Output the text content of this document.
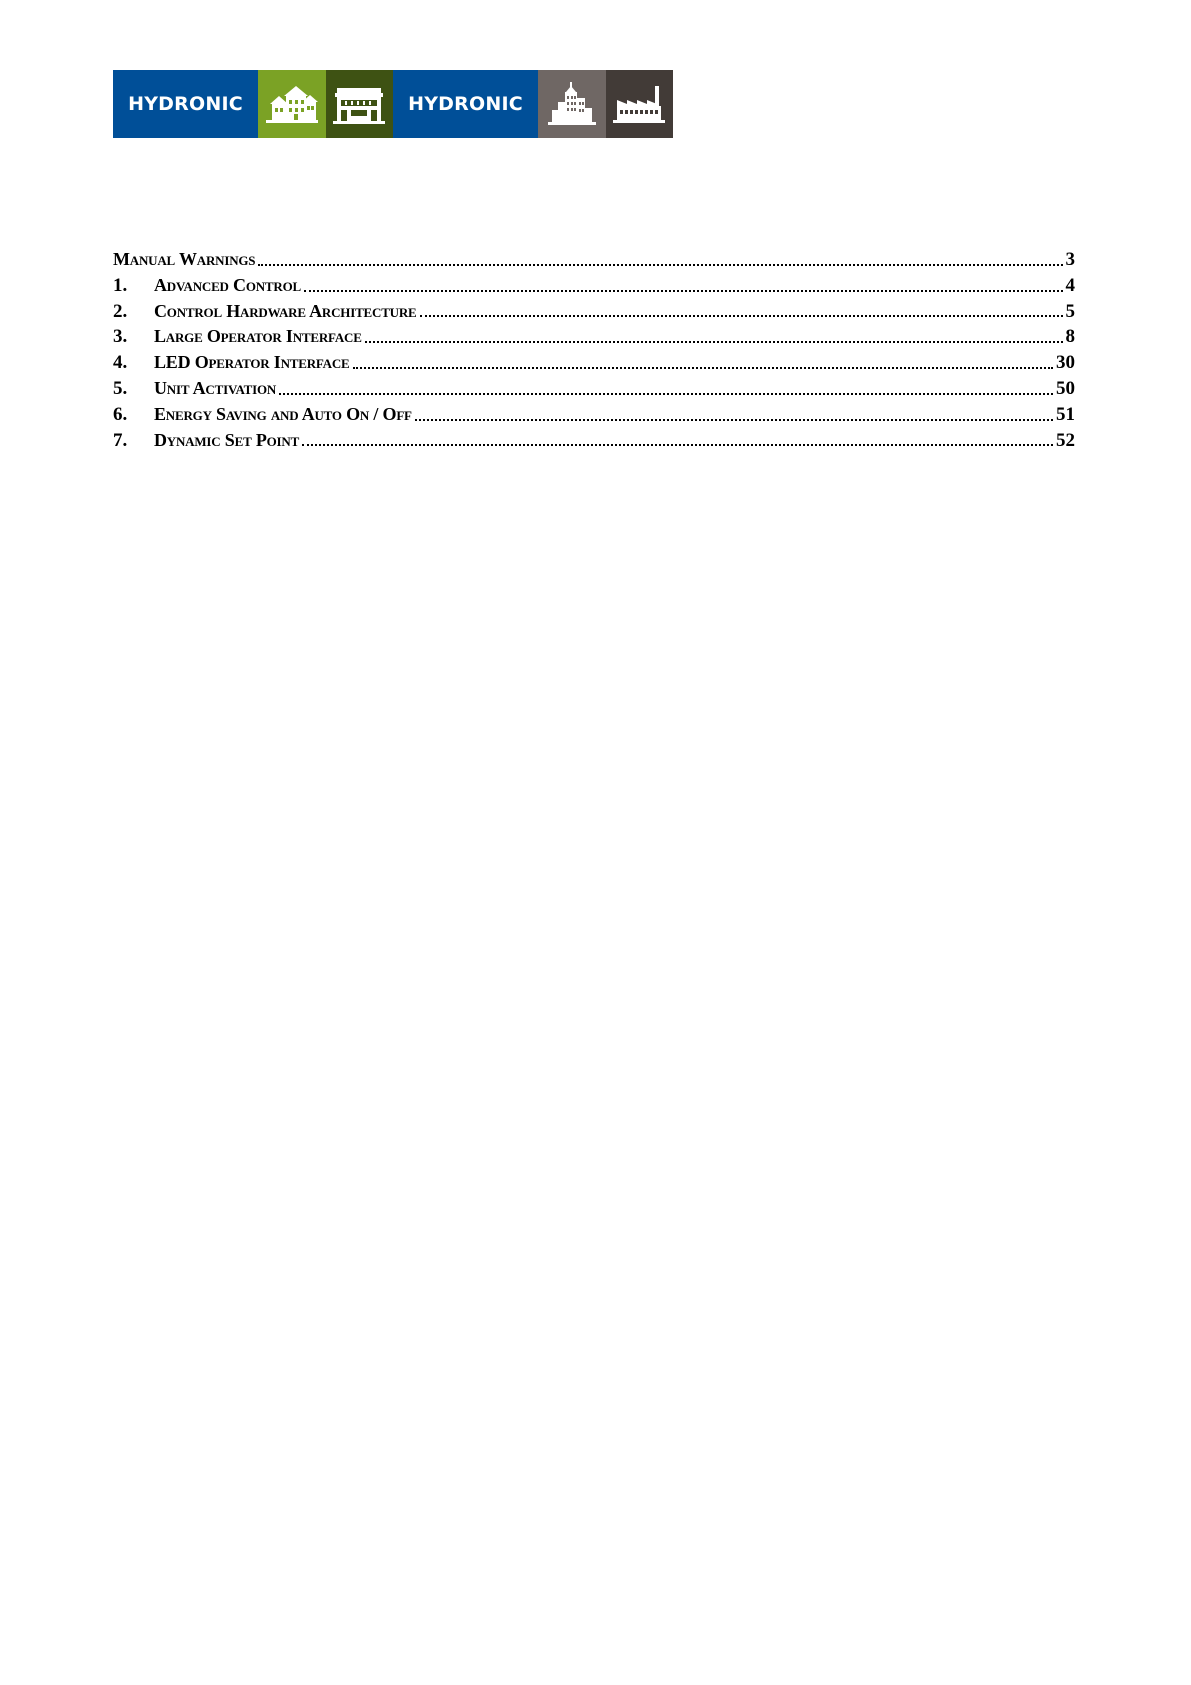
HYDRONIC	HYDRONIC
Manual Warnings	3
1.	Advanced Control	4
2.	Control Hardware Architecture	5
3.	Large Operator Interface	8
4.	LED Operator Interface	30
5.	Unit Activation	50
6.	Energy Saving and Auto On / Off	51
7.	Dynamic Set Point	52
